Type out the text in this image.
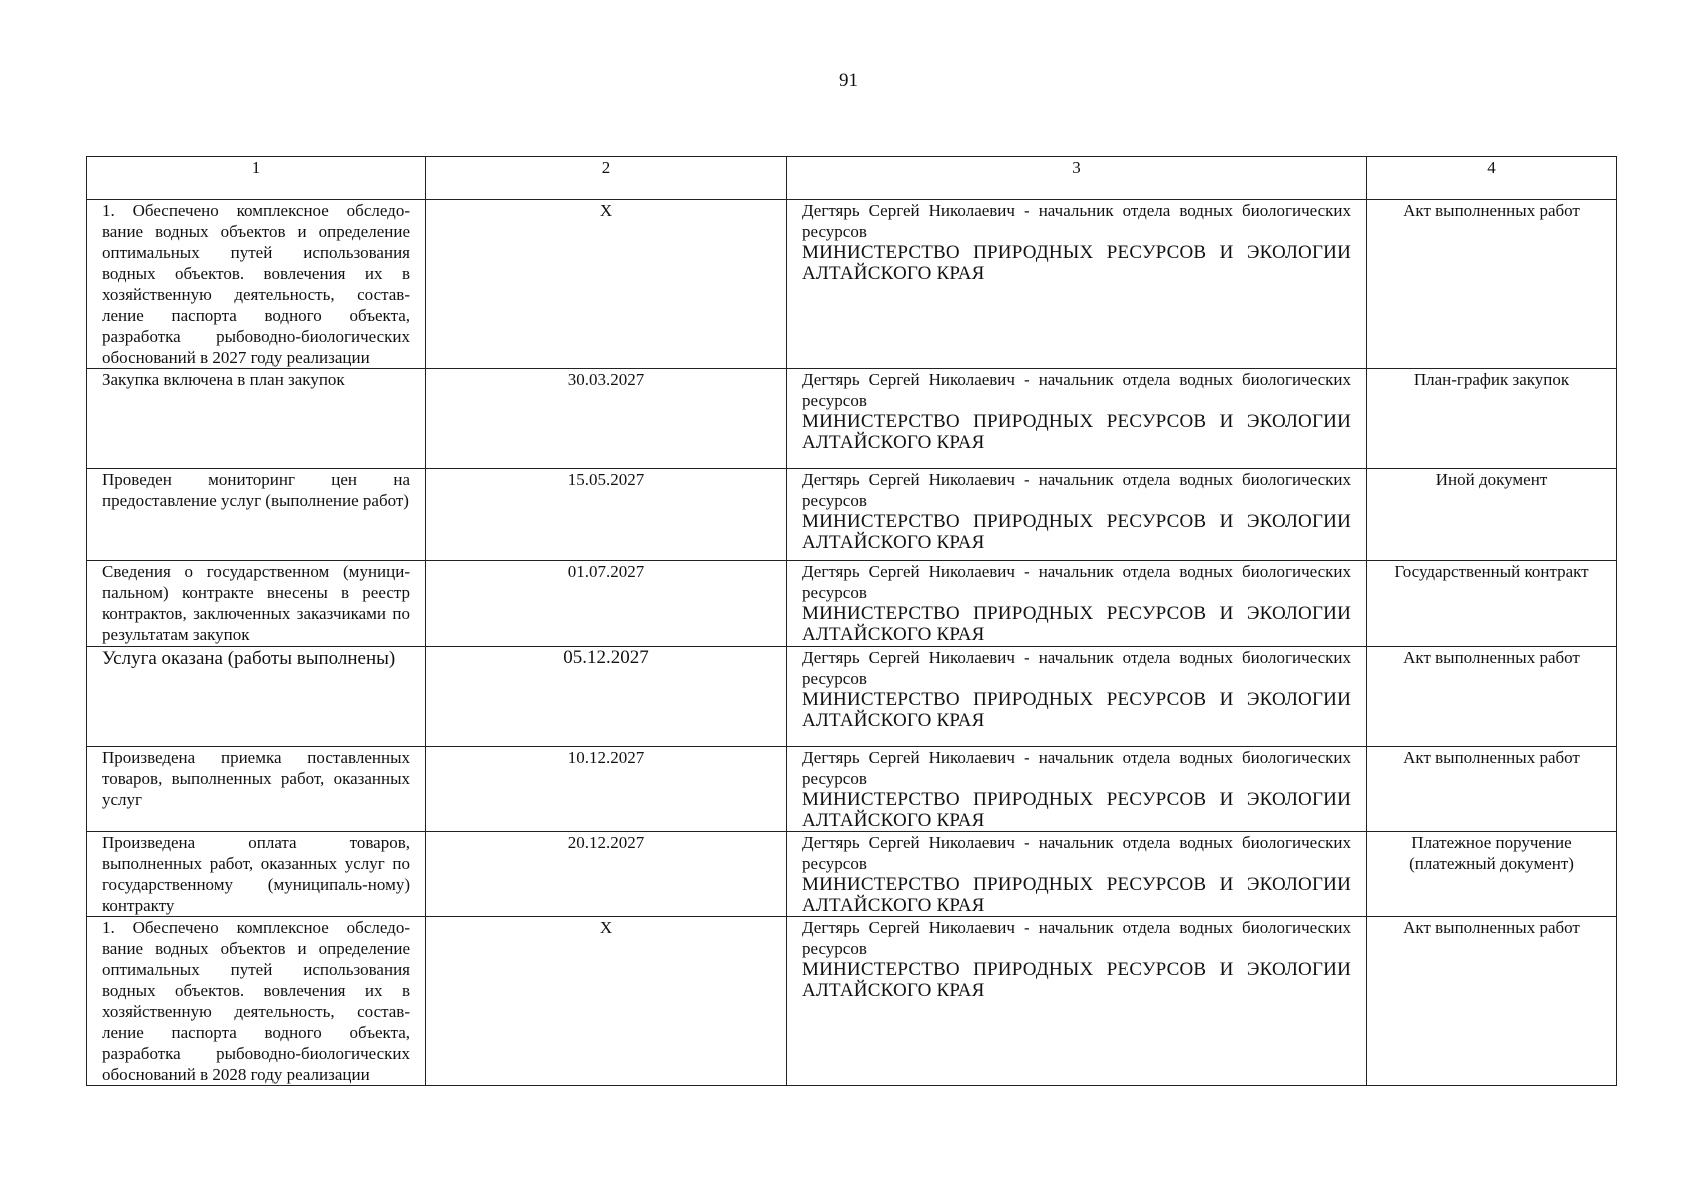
91
1	2	3	4
1. Обеспечено комплексное обследо-вание водных объектов и определение оптимальных путей использования водных объектов. вовлечения их в хозяйственную деятельность, состав-ление паспорта водного объекта, разработка рыбоводно-биологических обоснований в 2027 году реализации	X	Дегтярь Сергей Николаевич - начальник отдела водных биологических ресурсов
МИНИСТЕРСТВО ПРИРОДНЫХ РЕСУРСОВ И ЭКОЛОГИИ АЛТАЙСКОГО КРАЯ	Акт выполненных работ
Закупка включена в план закупок	30.03.2027	Дегтярь Сергей Николаевич - начальник отдела водных биологических ресурсов
МИНИСТЕРСТВО ПРИРОДНЫХ РЕСУРСОВ И ЭКОЛОГИИ АЛТАЙСКОГО КРАЯ	План-график закупок
Проведен мониторинг цен на предоставление услуг (выполнение работ)	15.05.2027	Дегтярь Сергей Николаевич - начальник отдела водных биологических ресурсов
МИНИСТЕРСТВО ПРИРОДНЫХ РЕСУРСОВ И ЭКОЛОГИИ АЛТАЙСКОГО КРАЯ	Иной документ
Сведения о государственном (муници-пальном) контракте внесены в реестр контрактов, заключенных заказчиками по результатам закупок	01.07.2027	Дегтярь Сергей Николаевич - начальник отдела водных биологических ресурсов
МИНИСТЕРСТВО ПРИРОДНЫХ РЕСУРСОВ И ЭКОЛОГИИ АЛТАЙСКОГО КРАЯ	Государственный контракт
Услуга оказана (работы выполнены)	05.12.2027	Дегтярь Сергей Николаевич - начальник отдела водных биологических ресурсов
МИНИСТЕРСТВО ПРИРОДНЫХ РЕСУРСОВ И ЭКОЛОГИИ АЛТАЙСКОГО КРАЯ	Акт выполненных работ
Произведена приемка поставленных товаров, выполненных работ, оказанных услуг	10.12.2027	Дегтярь Сергей Николаевич - начальник отдела водных биологических ресурсов
МИНИСТЕРСТВО ПРИРОДНЫХ РЕСУРСОВ И ЭКОЛОГИИ АЛТАЙСКОГО КРАЯ	Акт выполненных работ
Произведена оплата товаров, выполненных работ, оказанных услуг по государственному (муниципаль-ному) контракту	20.12.2027	Дегтярь Сергей Николаевич - начальник отдела водных биологических ресурсов
МИНИСТЕРСТВО ПРИРОДНЫХ РЕСУРСОВ И ЭКОЛОГИИ АЛТАЙСКОГО КРАЯ	Платежное поручение (платежный документ)
1. Обеспечено комплексное обследо-вание водных объектов и определение оптимальных путей использования водных объектов. вовлечения их в хозяйственную деятельность, состав-ление паспорта водного объекта, разработка рыбоводно-биологических обоснований в 2028 году реализации	X	Дегтярь Сергей Николаевич - начальник отдела водных биологических ресурсов
МИНИСТЕРСТВО ПРИРОДНЫХ РЕСУРСОВ И ЭКОЛОГИИ АЛТАЙСКОГО КРАЯ	Акт выполненных работ
